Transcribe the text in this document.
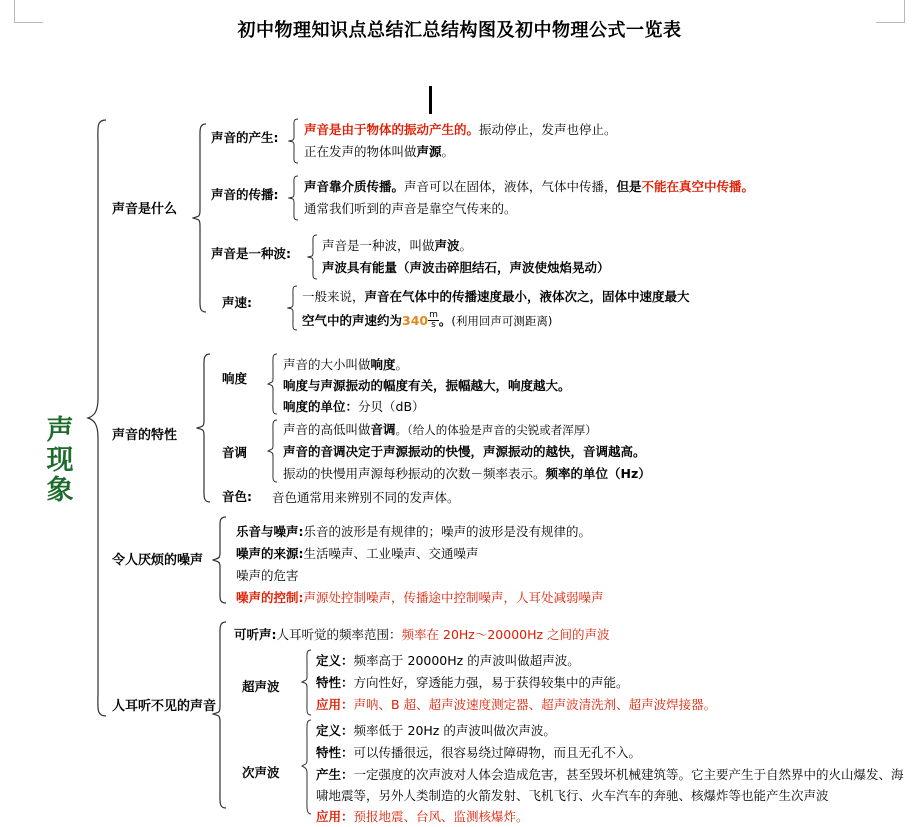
初中物理知识点总结汇总结构图及初中物理公式一览表
声现象
声音是什么
声音的产生:
声音是由于物体的振动产生的。振动停止，发声也停止。
正在发声的物体叫做声源。
声音的传播:
声音靠介质传播。声音可以在固体，液体，气体中传播，但是不能在真空中传播。
通常我们听到的声音是靠空气传来的。
声音是一种波:
声音是一种波，叫做声波。
声波具有能量（声波击碎胆结石，声波使烛焰晃动）
声速:	一般来说，声音在气体中的传播速度最小，液体次之，固体中速度最大
空气中的声速约为$340 \frac{m}{s}$ 。(利用回声可测距离)
声音的特性
响度
声音的大小叫做响度。
响度与声源振动的幅度有关，振幅越大，响度越大。
响度的单位：分贝（dB）
音调
声音的高低叫做音调。（给人的体验是声音的尖锐或者浑厚）
声音的音调决定于声源振动的快慢，声源振动的越快，音调越高。
振动的快慢用声源每秒振动的次数－频率表示。频率的单位（Hz）
音色: 音色通常用来辨别不同的发声体。
令人厌烦的噪声
乐音与噪声:乐音的波形是有规律的；噪声的波形是没有规律的。
噪声的来源:生活噪声、工业噪声、交通噪声
噪声的危害
噪声的控制:声源处控制噪声，传播途中控制噪声，人耳处减弱噪声
人耳听不见的声音
可听声:人耳听觉的频率范围：频率在 20Hz～20000Hz 之间的声波
超声波
定义：频率高于 20000Hz 的声波叫做超声波。
特性：方向性好，穿透能力强，易于获得较集中的声能。
应用：声呐、B 超、超声波速度测定器、超声波清洗剂、超声波焊接器。
次声波
定义：频率低于 20Hz 的声波叫做次声波。
特性：可以传播很远，很容易绕过障碍物，而且无孔不入。
产生：一定强度的次声波对人体会造成危害，甚至毁坏机械建筑等。它主要产生于自然界中的火山爆发、海啸地震等，另外人类制造的火箭发射、飞机飞行、火车汽车的奔驰、核爆炸等也能产生次声波
应用：预报地震、台风、监测核爆炸。
